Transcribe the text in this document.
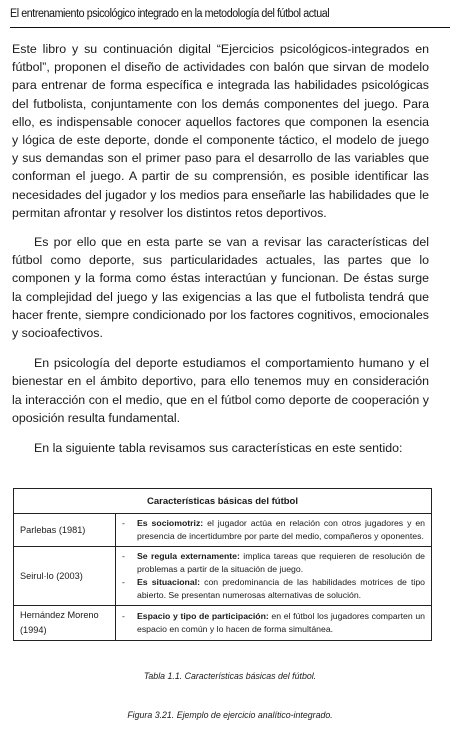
El entrenamiento psicológico integrado en la metodología del fútbol actual

Este libro y su continuación digital “Ejercicios psicológicos-integrados en fútbol”, proponen el diseño de actividades con balón que sirvan de modelo para entrenar de forma específica e integrada las habilidades psicológicas del futbolista, conjuntamente con los demás componentes del juego. Para ello, es indispensable conocer aquellos factores que componen la esencia y lógica de este deporte, donde el componente táctico, el modelo de juego y sus demandas son el primer paso para el desarrollo de las variables que conforman el juego. A partir de su comprensión, es posible identificar las necesidades del jugador y los medios para enseñarle las habilidades que le permitan afrontar y resolver los distintos retos deportivos.

Es por ello que en esta parte se van a revisar las características del fútbol como deporte, sus particularidades actuales, las partes que lo componen y la forma como éstas interactúan y funcionan. De éstas surge la complejidad del juego y las exigencias a las que el futbolista tendrá que hacer frente, siempre condicionado por los factores cognitivos, emocionales y socioafectivos.

En psicología del deporte estudiamos el comportamiento humano y el bienestar en el ámbito deportivo, para ello tenemos muy en consideración la interacción con el medio, que en el fútbol como deporte de cooperación y oposición resulta fundamental.

En la siguiente tabla revisamos sus características en este sentido:

Características básicas del fútbol	
Parlebas (1981)	- Es sociomotriz: el jugador actúa en relación con otros jugadores y en presencia de incertidumbre por parte del medio, compañeros y oponentes.

Seirul·lo (2003)	- Se regula externamente: implica tareas que requieren de resolución de problemas a partir de la situación de juego.
- Es situacional: con predominancia de las habilidades motrices de tipo abierto. Se presentan numerosas alternativas de solución.

Hernández Moreno (1994)	- Espacio y tipo de participación: en el fútbol los jugadores comparten un espacio en común y lo hacen de forma simultánea.
Tabla 1.1. Características básicas del fútbol.
Figura 3.21. Ejemplo de ejercicio analítico-integrado.
